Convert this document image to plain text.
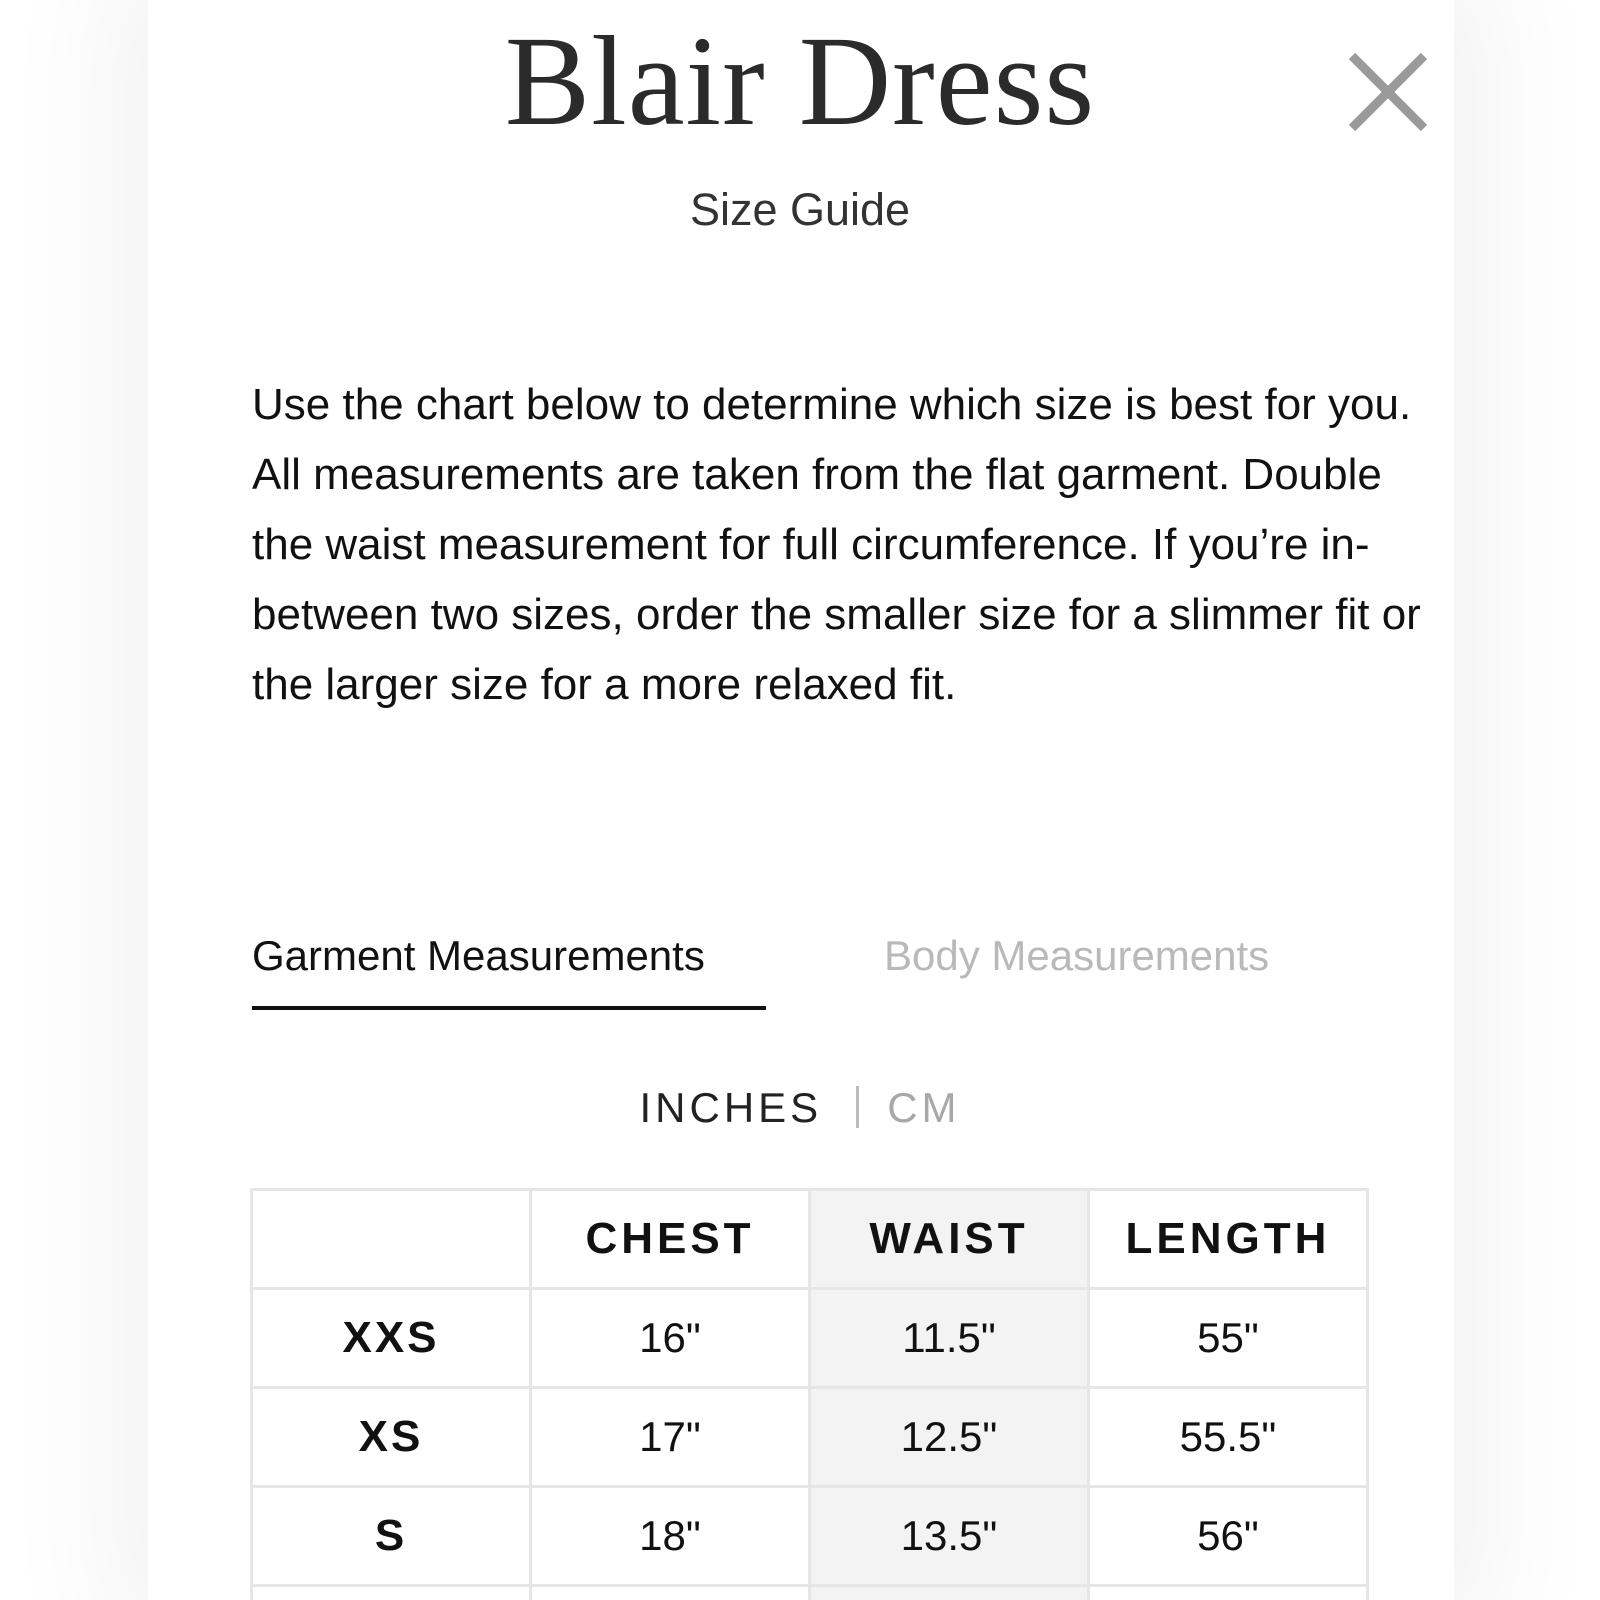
Blair Dress
Size Guide

Use the chart below to determine which size is best for you. All measurements are taken from the flat garment. Double the waist measurement for full circumference. If you’re in-between two sizes, order the smaller size for a slimmer fit or the larger size for a more relaxed fit.

Garment Measurements	Body Measurements
INCHES CM
	CHEST	WAIST	LENGTH
XXS	16"	11.5"	55"
XS	17"	12.5"	55.5"
S	18"	13.5"	56"
